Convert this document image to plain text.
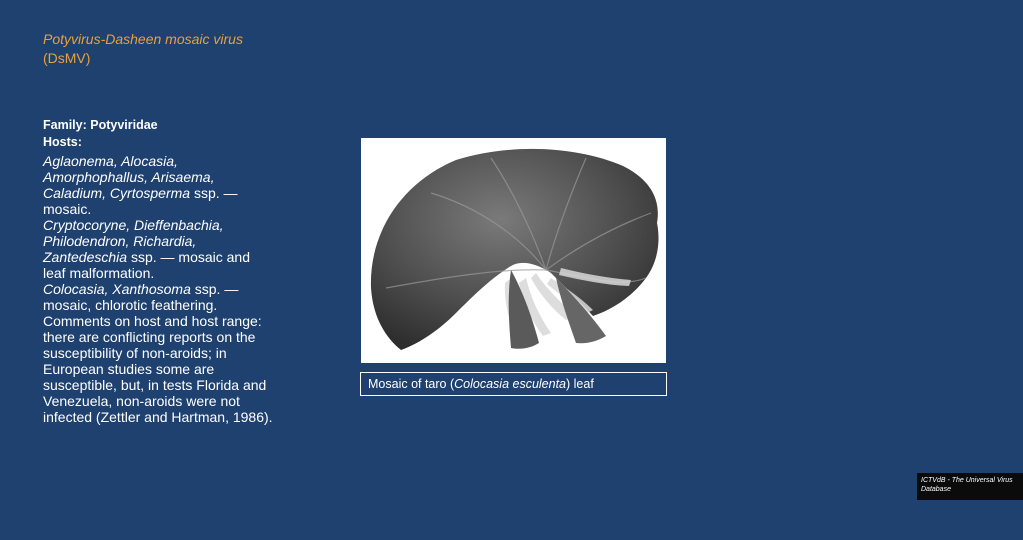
Potyvirus-Dasheen mosaic virus (DsMV)
Family: Potyviridae
Hosts:

Aglaonema, Alocasia, Amorphophallus, Arisaema, Caladium, Cyrtosperma ssp. — mosaic.

Cryptocoryne, Dieffenbachia, Philodendron, Richardia, Zantedeschia ssp. — mosaic and leaf malformation.

Colocasia, Xanthosoma ssp. — mosaic, chlorotic feathering. Comments on host and host range: there are conflicting reports on the susceptibility of non-aroids; in European studies some are susceptible, but, in tests Florida and Venezuela, non-aroids were not infected (Zettler and Hartman, 1986).

ICTVdB - The Universal Virus Database
Mosaic of taro (Colocasia esculenta) leaf
